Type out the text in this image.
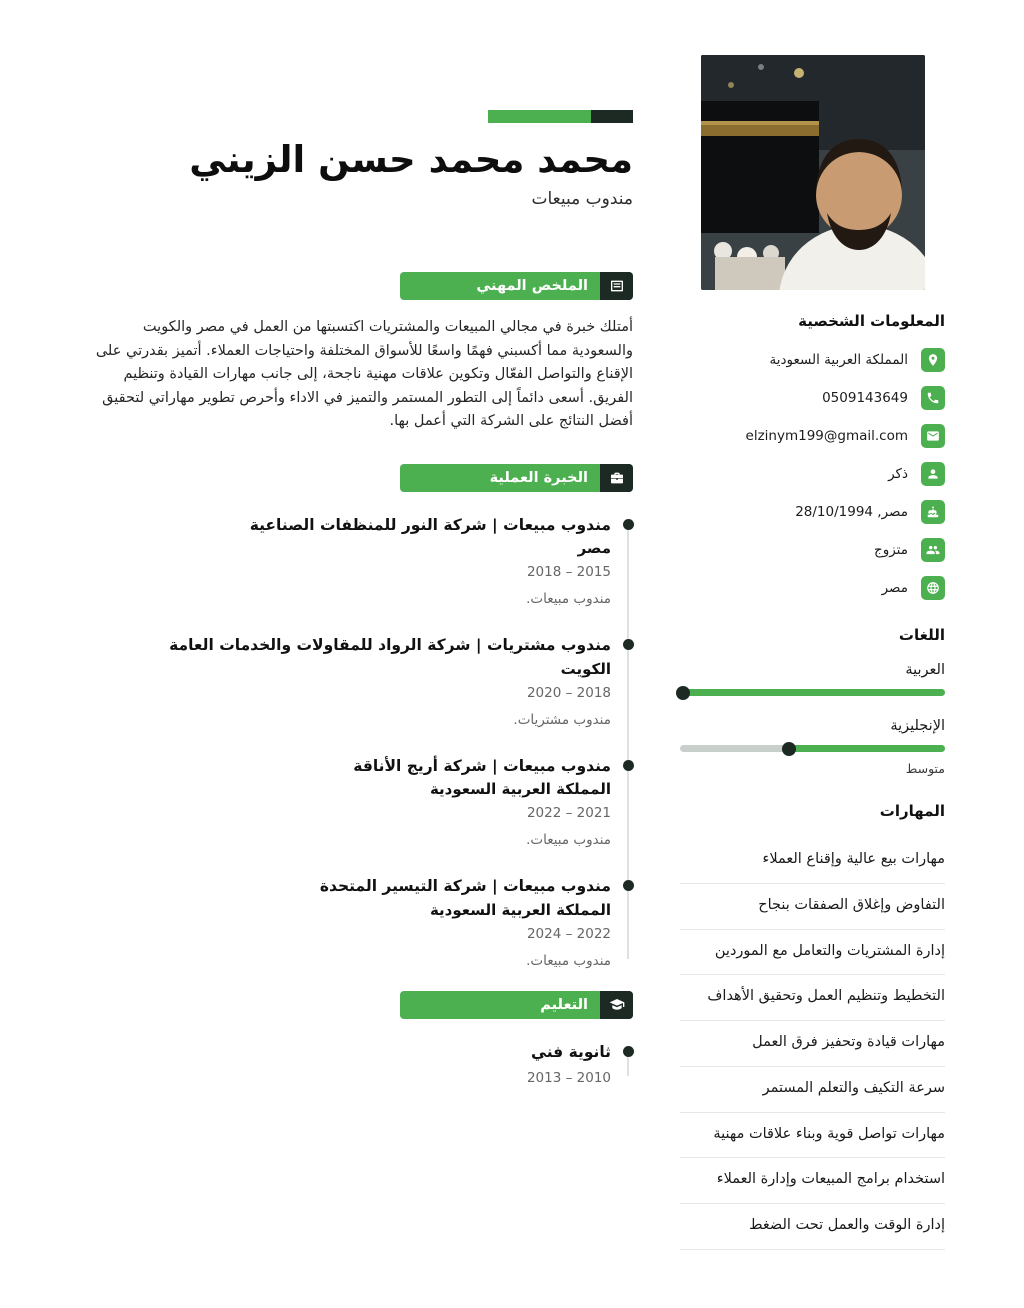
المعلومات الشخصية
المملكة العربية السعودية
0509143649
elzinym199@gmail.com
ذكر
مصر, 28/10/1994
متزوج
مصر
اللغات
العربية
الإنجليزية
متوسط
المهارات
مهارات بيع عالية وإقناع العملاء
التفاوض وإغلاق الصفقات بنجاح
إدارة المشتريات والتعامل مع الموردين
التخطيط وتنظيم العمل وتحقيق الأهداف
مهارات قيادة وتحفيز فرق العمل
سرعة التكيف والتعلم المستمر
مهارات تواصل قوية وبناء علاقات مهنية
استخدام برامج المبيعات وإدارة العملاء
إدارة الوقت والعمل تحت الضغط
محمد محمد حسن الزيني
مندوب مبيعات
الملخص المهني

أمتلك خبرة في مجالي المبيعات والمشتريات اكتسبتها من العمل في مصر والكويت والسعودية مما أكسبني فهمًا واسعًا للأسواق المختلفة واحتياجات العملاء. أتميز بقدرتي على الإقناع والتواصل الفعّال وتكوين علاقات مهنية ناجحة، إلى جانب مهارات القيادة وتنظيم الفريق. أسعى دائماً إلى التطور المستمر والتميز في الاداء وأحرص تطوير مهاراتي لتحقيق أفضل النتائج على الشركة التي أعمل بها.

الخبرة العملية
مندوب مبيعات | شركة النور للمنظفات الصناعية
مصر
2015 – 2018
مندوب مبيعات.
مندوب مشتريات | شركة الرواد للمقاولات والخدمات العامة
الكويت
2018 – 2020
مندوب مشتريات.
مندوب مبيعات | شركة أريج الأناقة
المملكة العربية السعودية
2021 – 2022
مندوب مبيعات.
مندوب مبيعات | شركة التيسير المتحدة
المملكة العربية السعودية
2022 – 2024
مندوب مبيعات.
التعليم
ثانوية فني
2010 – 2013
